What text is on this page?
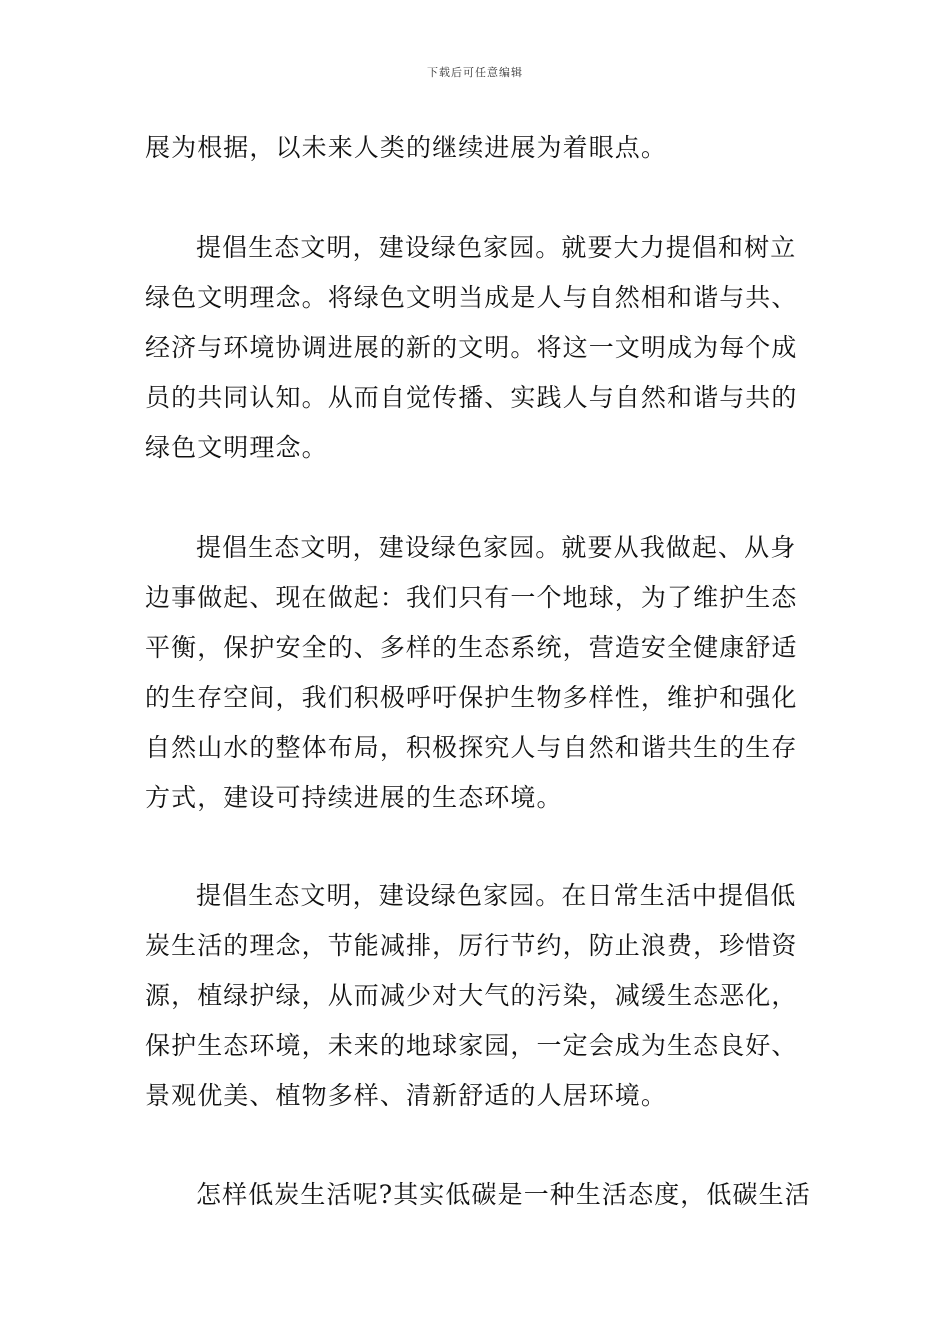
下载后可任意编辑
展为根据，以未来人类的继续进展为着眼点。
提倡生态文明，建设绿色家园。就要大力提倡和树立
绿色文明理念。将绿色文明当成是人与自然相和谐与共、
经济与环境协调进展的新的文明。将这一文明成为每个成
员的共同认知。从而自觉传播、实践人与自然和谐与共的
绿色文明理念。
提倡生态文明，建设绿色家园。就要从我做起、从身
边事做起、现在做起：我们只有一个地球，为了维护生态
平衡，保护安全的、多样的生态系统，营造安全健康舒适
的生存空间，我们积极呼吁保护生物多样性，维护和强化
自然山水的整体布局，积极探究人与自然和谐共生的生存
方式，建设可持续进展的生态环境。
提倡生态文明，建设绿色家园。在日常生活中提倡低
炭生活的理念，节能减排，厉行节约，防止浪费，珍惜资
源，植绿护绿，从而减少对大气的污染，减缓生态恶化，
保护生态环境，未来的地球家园，一定会成为生态良好、
景观优美、植物多样、清新舒适的人居环境。
怎样低炭生活呢?其实低碳是一种生活态度，低碳生活
